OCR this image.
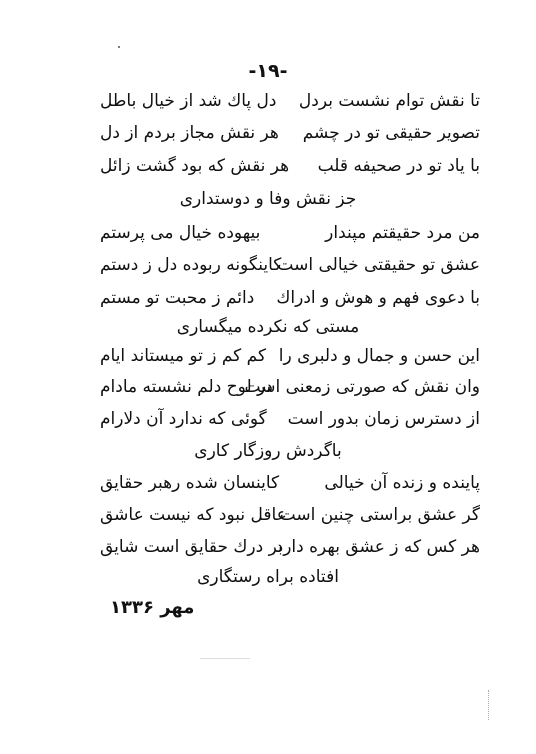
-۱۹-
تا نقش توام نشست بردل
دل پاك شد از خیال باطل
تصویر حقیقی تو در چشم
هر نقش مجاز بردم از دل
با یاد تو در صحیفه قلب
هر نقش که بود گشت زائل
جز نقش وفا و دوستداری
من مرد حقیقتم مپندار
بیهوده خیال می پرستم
عشق تو حقیقتی خیالی است
کاینگونه ربوده دل ز دستم
با دعوی فهم و هوش و ادراك
دائم ز محبت تو مستم
مستی که نکرده میگساری
این حسن و جمال و دلبری را
کم کم ز تو میستاند ایام
وان نقش که صورتی زمعنی است
در لوح دلم نشسته مادام
از دسترس زمان بدور است
گوئی که ندارد آن دلارام
باگردش روزگار کاری
پاینده و زنده آن خیالی
کاینسان شده رهبر حقایق
گر عشق براستی چنین است
عاقل نبود که نیست عاشق
هر کس که ز عشق بهره دارد
بر درك حقایق است شایق
افتاده براه رستگاری
مهر ۱۳۳۶
